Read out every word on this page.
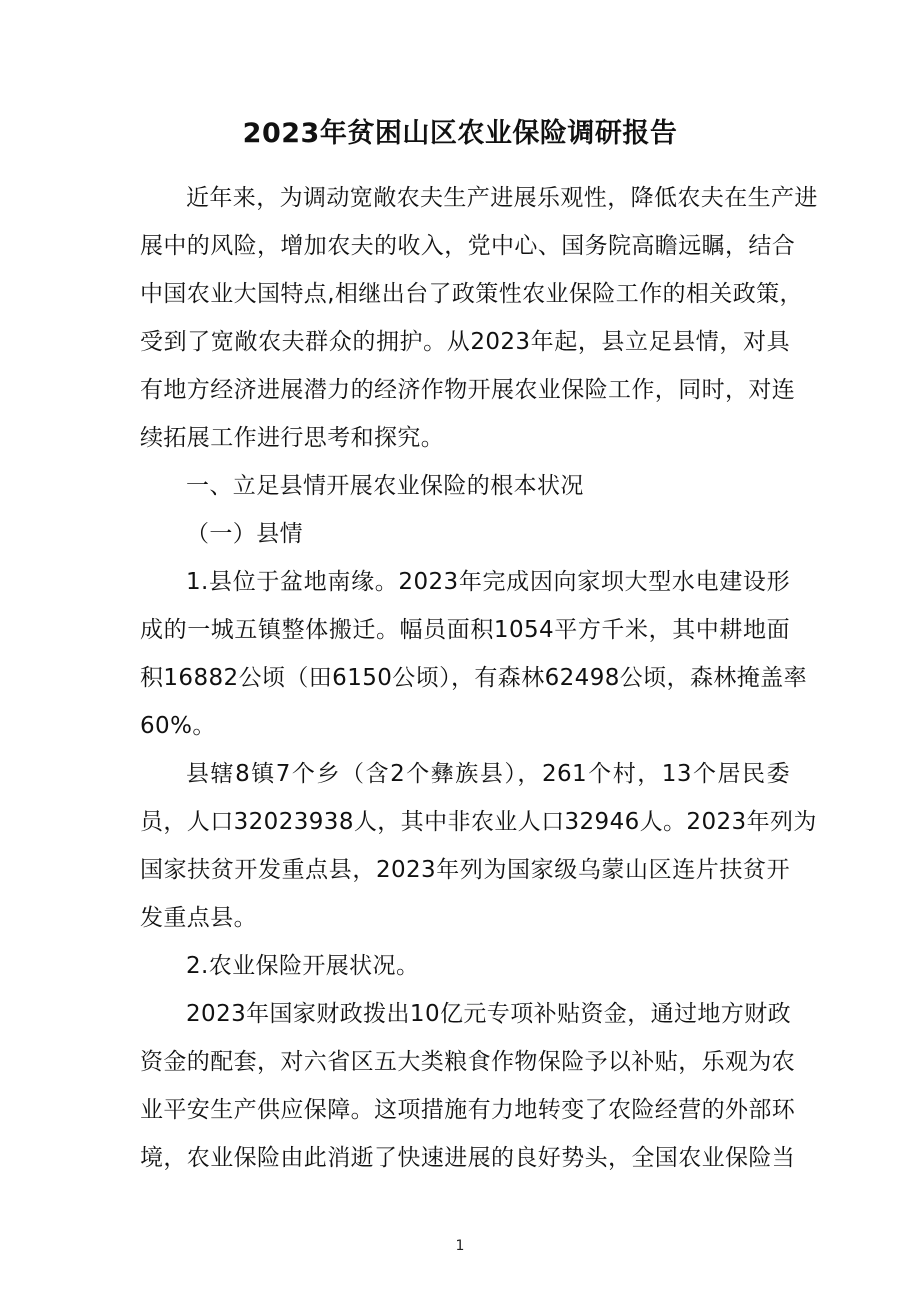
2023年贫困山区农业保险调研报告
近年来，为调动宽敞农夫生产进展乐观性，降低农夫在生产进
展中的风险，增加农夫的收入，党中心、国务院高瞻远瞩，结合
中国农业大国特点,相继出台了政策性农业保险工作的相关政策，
受到了宽敞农夫群众的拥护。从2023年起，县立足县情，对具
有地方经济进展潜力的经济作物开展农业保险工作，同时，对连
续拓展工作进行思考和探究。
一、立足县情开展农业保险的根本状况
（一）县情
1.县位于盆地南缘。2023年完成因向家坝大型水电建设形
成的一城五镇整体搬迁。幅员面积1054平方千米，其中耕地面
积16882公顷（田6150公顷），有森林62498公顷，森林掩盖率
60%。
县辖8镇7个乡（含2个彝族县），261个村，13个居民委
员，人口32023938人，其中非农业人口32946人。2023年列为
国家扶贫开发重点县，2023年列为国家级乌蒙山区连片扶贫开
发重点县。
2.农业保险开展状况。
2023年国家财政拨出10亿元专项补贴资金，通过地方财政
资金的配套，对六省区五大类粮食作物保险予以补贴，乐观为农
业平安生产供应保障。这项措施有力地转变了农险经营的外部环
境，农业保险由此消逝了快速进展的良好势头，全国农业保险当
1
